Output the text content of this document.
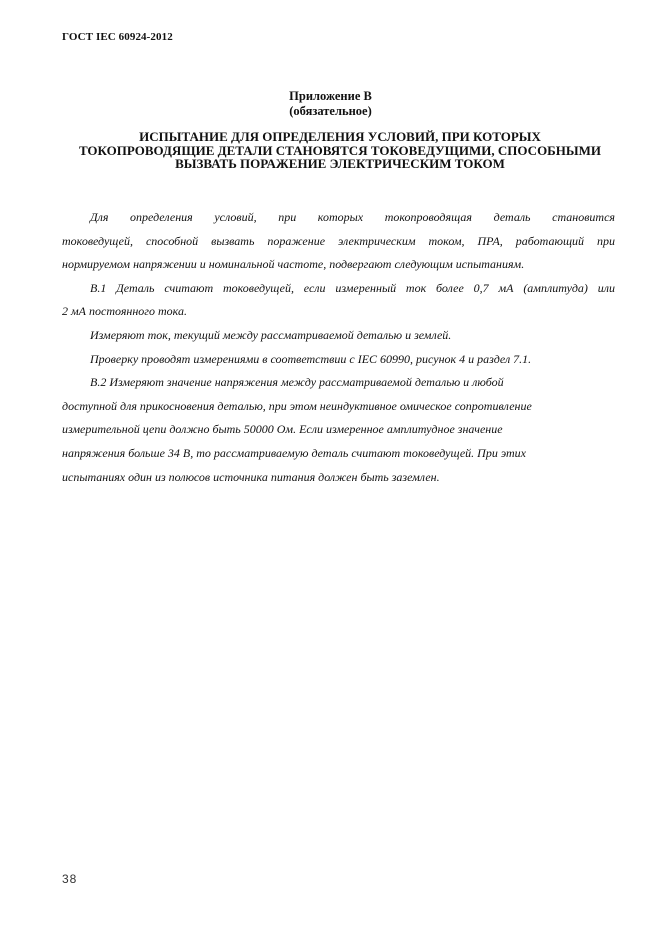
ГОСТ IEC 60924-2012
Приложение В
(обязательное)
ИСПЫТАНИЕ ДЛЯ ОПРЕДЕЛЕНИЯ УСЛОВИЙ, ПРИ КОТОРЫХ
ТОКОПРОВОДЯЩИЕ ДЕТАЛИ СТАНОВЯТСЯ ТОКОВЕДУЩИМИ, СПОСОБНЫМИ
ВЫЗВАТЬ ПОРАЖЕНИЕ ЭЛЕКТРИЧЕСКИМ ТОКОМ
Для определения условий, при которых токопроводящая деталь становится
токоведущей, способной вызвать поражение электрическим током, ПРА, работающий при
нормируемом напряжении и номинальной частоте, подвергают следующим испытаниям.
В.1 Деталь считают токоведущей, если измеренный ток более 0,7 мА (амплитуда) или
2 мА постоянного тока.
Измеряют ток, текущий между рассматриваемой деталью и землей.
Проверку проводят измерениями в соответствии с IEC 60990, рисунок 4 и раздел 7.1.
В.2 Измеряют значение напряжения между рассматриваемой деталью и любой
доступной для прикосновения деталью, при этом неиндуктивное омическое сопротивление
измерительной цепи должно быть 50000 Ом. Если измеренное амплитудное значение
напряжения больше 34 В, то рассматриваемую деталь считают токоведущей. При этих
испытаниях один из полюсов источника питания должен быть заземлен.
38
